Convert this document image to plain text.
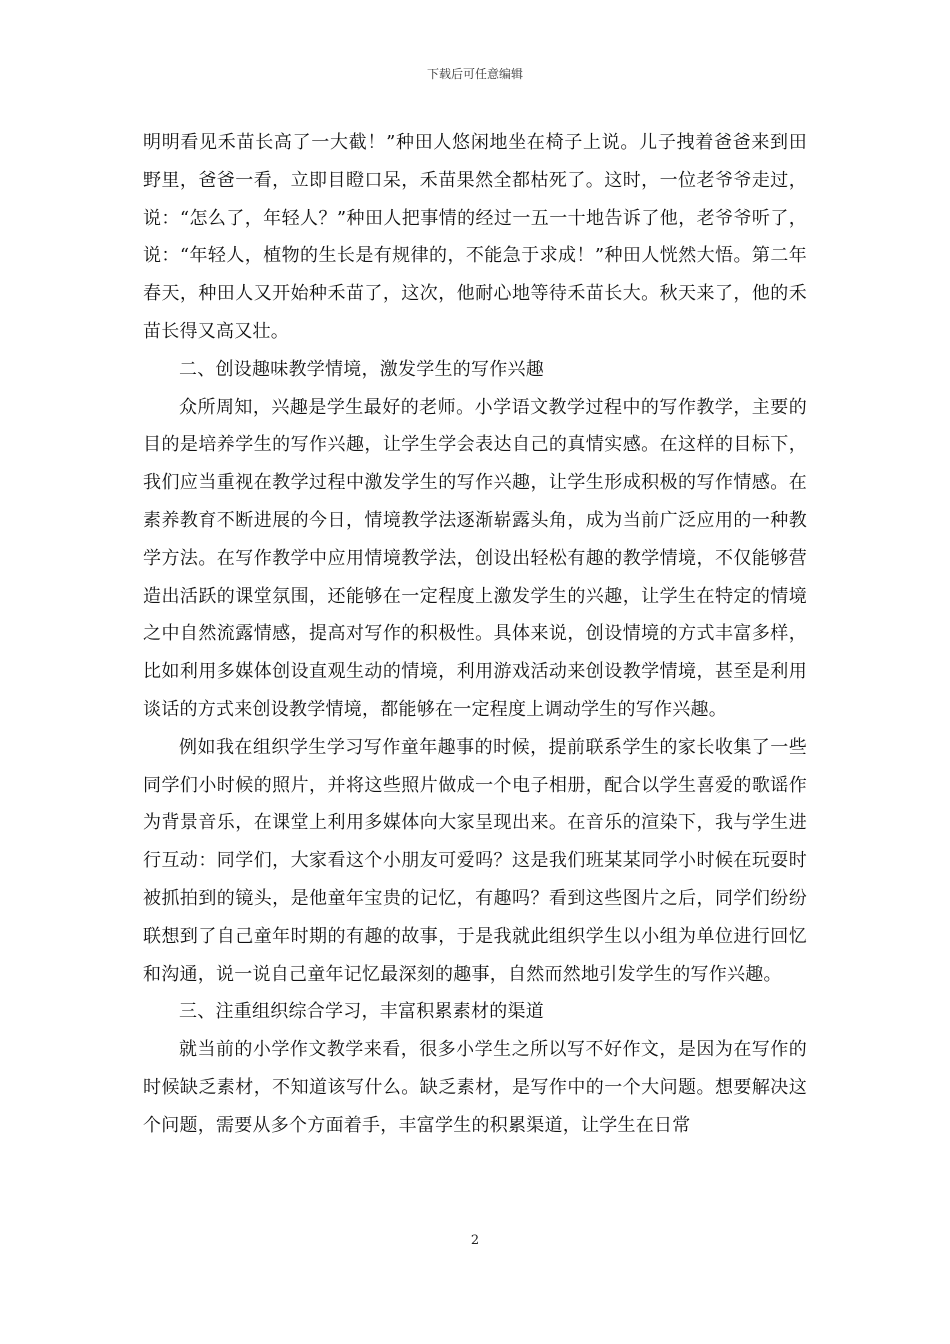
下载后可任意编辑

明明看见禾苗长高了一大截！”种田人悠闲地坐在椅子上说。儿子拽着爸爸来到田野里，爸爸一看，立即目瞪口呆，禾苗果然全都枯死了。这时，一位老爷爷走过，说：“怎么了，年轻人？”种田人把事情的经过一五一十地告诉了他，老爷爷听了，说：“年轻人，植物的生长是有规律的，不能急于求成！”种田人恍然大悟。第二年春天，种田人又开始种禾苗了，这次，他耐心地等待禾苗长大。秋天来了，他的禾苗长得又高又壮。

二、创设趣味教学情境，激发学生的写作兴趣

众所周知，兴趣是学生最好的老师。小学语文教学过程中的写作教学，主要的目的是培养学生的写作兴趣，让学生学会表达自己的真情实感。在这样的目标下，我们应当重视在教学过程中激发学生的写作兴趣，让学生形成积极的写作情感。在素养教育不断进展的今日，情境教学法逐渐崭露头角，成为当前广泛应用的一种教学方法。在写作教学中应用情境教学法，创设出轻松有趣的教学情境，不仅能够营造出活跃的课堂氛围，还能够在一定程度上激发学生的兴趣，让学生在特定的情境之中自然流露情感，提高对写作的积极性。具体来说，创设情境的方式丰富多样，比如利用多媒体创设直观生动的情境，利用游戏活动来创设教学情境，甚至是利用谈话的方式来创设教学情境，都能够在一定程度上调动学生的写作兴趣。

例如我在组织学生学习写作童年趣事的时候，提前联系学生的家长收集了一些同学们小时候的照片，并将这些照片做成一个电子相册，配合以学生喜爱的歌谣作为背景音乐，在课堂上利用多媒体向大家呈现出来。在音乐的渲染下，我与学生进行互动：同学们，大家看这个小朋友可爱吗？这是我们班某某同学小时候在玩耍时被抓拍到的镜头，是他童年宝贵的记忆，有趣吗？看到这些图片之后，同学们纷纷联想到了自己童年时期的有趣的故事，于是我就此组织学生以小组为单位进行回忆和沟通，说一说自己童年记忆最深刻的趣事，自然而然地引发学生的写作兴趣。

三、注重组织综合学习，丰富积累素材的渠道

就当前的小学作文教学来看，很多小学生之所以写不好作文，是因为在写作的时候缺乏素材，不知道该写什么。缺乏素材，是写作中的一个大问题。想要解决这个问题，需要从多个方面着手，丰富学生的积累渠道，让学生在日常

2
